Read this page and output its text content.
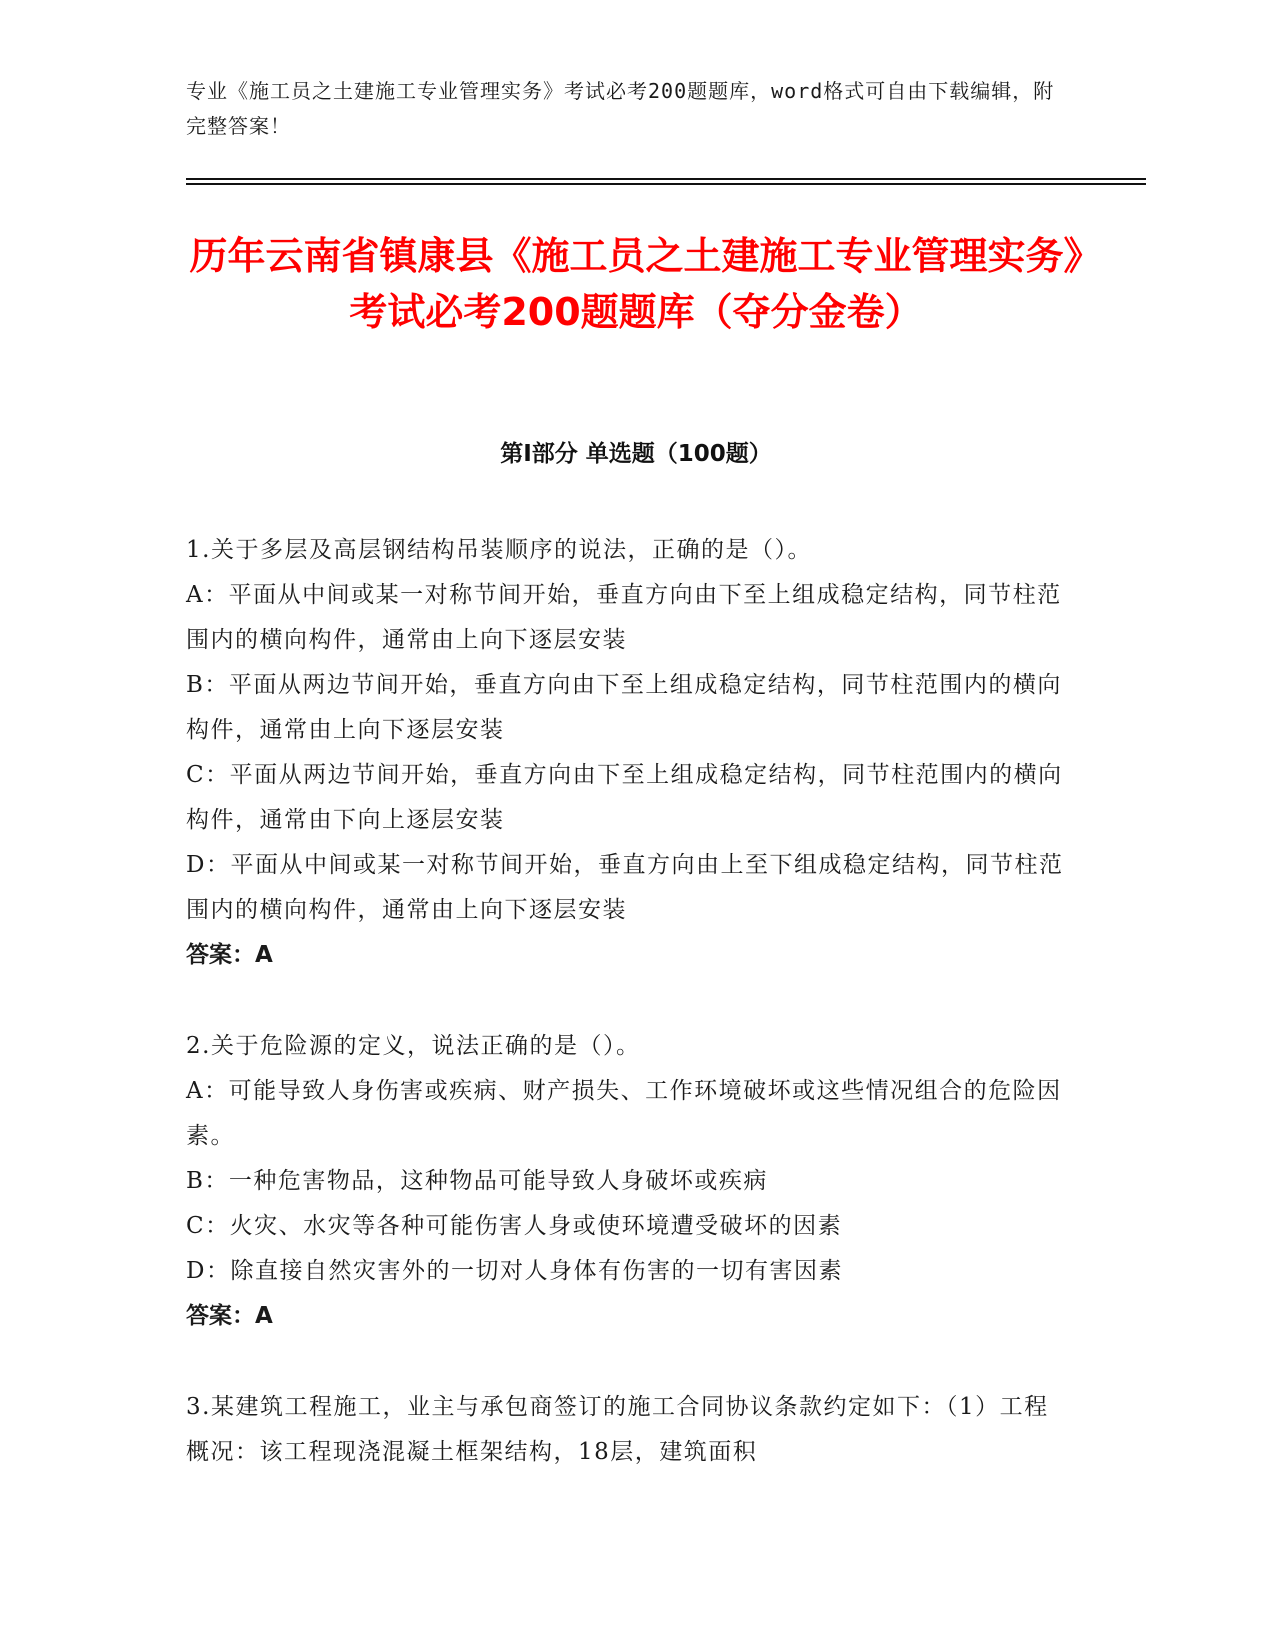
专业《施工员之土建施工专业管理实务》考试必考200题题库，word格式可自由下载编辑，附完整答案！
历年云南省镇康县《施工员之土建施工专业管理实务》考试必考200题题库（夺分金卷）
第Ⅰ部分 单选题（100题）

1.关于多层及高层钢结构吊装顺序的说法，正确的是（）。

A：平面从中间或某一对称节间开始，垂直方向由下至上组成稳定结构，同节柱范围内的横向构件，通常由上向下逐层安装

B：平面从两边节间开始，垂直方向由下至上组成稳定结构，同节柱范围内的横向构件，通常由上向下逐层安装

C：平面从两边节间开始，垂直方向由下至上组成稳定结构，同节柱范围内的横向构件，通常由下向上逐层安装

D：平面从中间或某一对称节间开始，垂直方向由上至下组成稳定结构，同节柱范围内的横向构件，通常由上向下逐层安装

答案：A

2.关于危险源的定义，说法正确的是（）。

A：可能导致人身伤害或疾病、财产损失、工作环境破坏或这些情况组合的危险因素。

B：一种危害物品，这种物品可能导致人身破坏或疾病

C：火灾、水灾等各种可能伤害人身或使环境遭受破坏的因素

D：除直接自然灾害外的一切对人身体有伤害的一切有害因素

答案：A

3.某建筑工程施工，业主与承包商签订的施工合同协议条款约定如下：（1）工程概况：该工程现浇混凝土框架结构，18层，建筑面积
